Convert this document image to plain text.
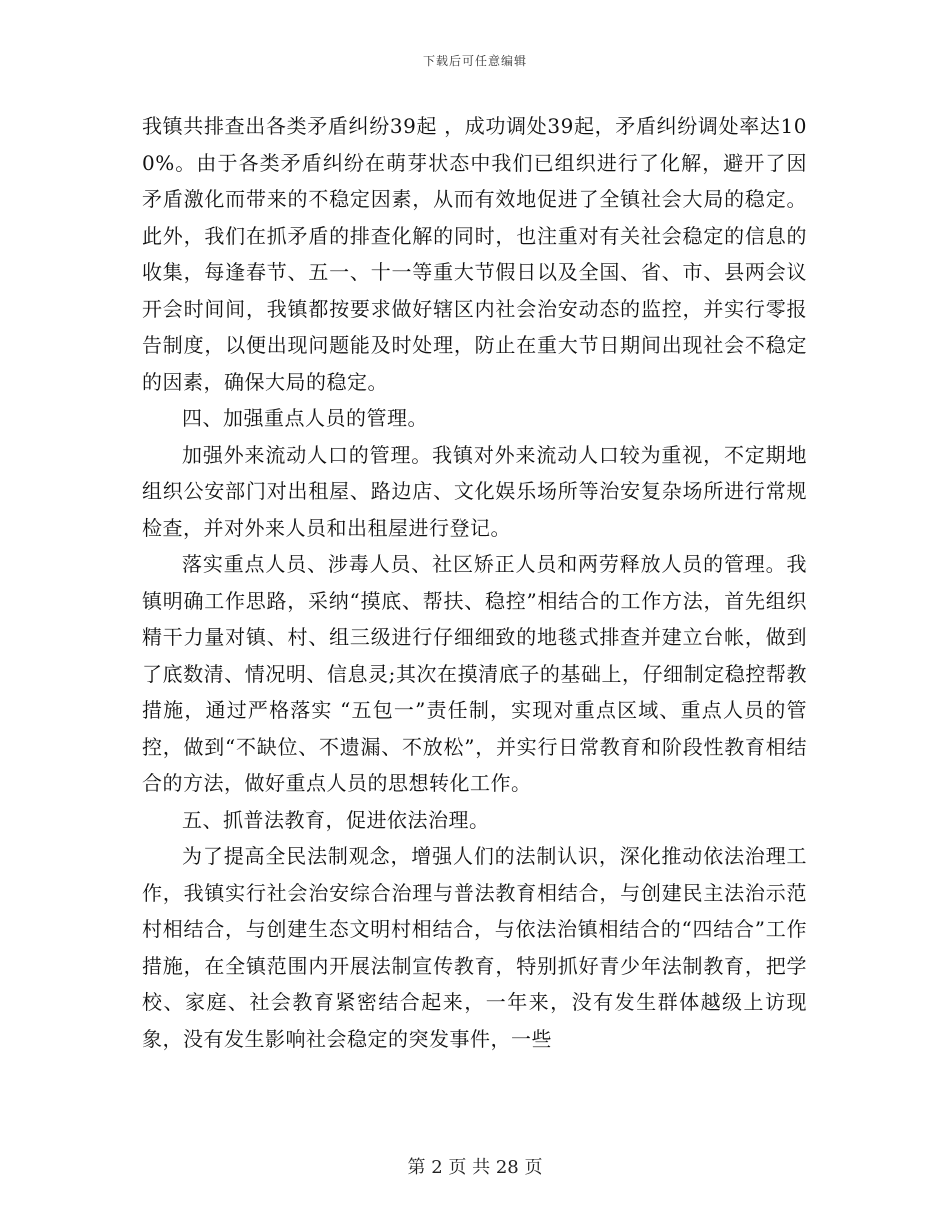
下载后可任意编辑

我镇共排查出各类矛盾纠纷39起 ，成功调处39起，矛盾纠纷调处率达100%。由于各类矛盾纠纷在萌芽状态中我们已组织进行了化解，避开了因矛盾激化而带来的不稳定因素，从而有效地促进了全镇社会大局的稳定。此外，我们在抓矛盾的排查化解的同时，也注重对有关社会稳定的信息的收集，每逢春节、五一、十一等重大节假日以及全国、省、市、县两会议开会时间间，我镇都按要求做好辖区内社会治安动态的监控，并实行零报告制度，以便出现问题能及时处理，防止在重大节日期间出现社会不稳定的因素，确保大局的稳定。

四、加强重点人员的管理。

加强外来流动人口的管理。我镇对外来流动人口较为重视，不定期地组织公安部门对出租屋、路边店、文化娱乐场所等治安复杂场所进行常规检查，并对外来人员和出租屋进行登记。

落实重点人员、涉毒人员、社区矫正人员和两劳释放人员的管理。我镇明确工作思路，采纳“摸底、帮扶、稳控”相结合的工作方法，首先组织精干力量对镇、村、组三级进行仔细细致的地毯式排查并建立台帐，做到了底数清、情况明、信息灵;其次在摸清底子的基础上，仔细制定稳控帮教措施，通过严格落实 “五包一”责任制，实现对重点区域、重点人员的管控，做到“不缺位、不遗漏、不放松”，并实行日常教育和阶段性教育相结合的方法，做好重点人员的思想转化工作。

五、抓普法教育，促进依法治理。

为了提高全民法制观念，增强人们的法制认识，深化推动依法治理工作，我镇实行社会治安综合治理与普法教育相结合，与创建民主法治示范村相结合，与创建生态文明村相结合，与依法治镇相结合的“四结合”工作措施，在全镇范围内开展法制宣传教育，特别抓好青少年法制教育，把学校、家庭、社会教育紧密结合起来，一年来，没有发生群体越级上访现象，没有发生影响社会稳定的突发事件，一些

第 2 页 共 28 页
